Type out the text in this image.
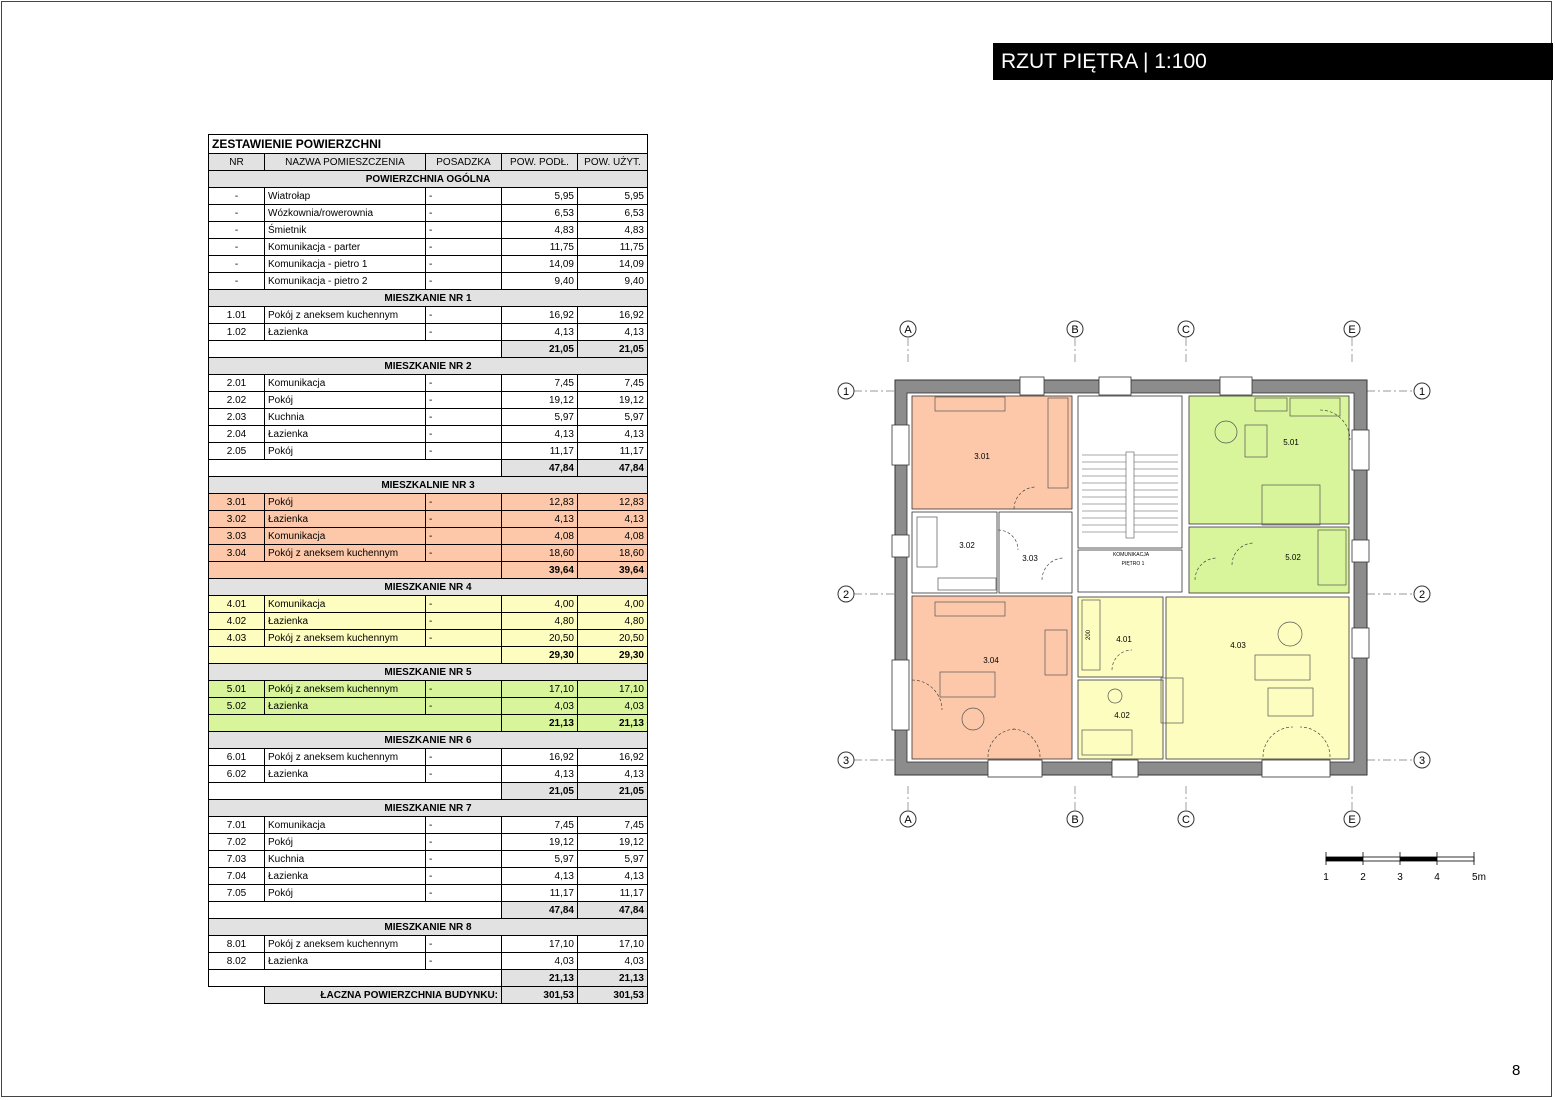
RZUT PIĘTRA | 1:100
8
ZESTAWIENIE POWIERZCHNI				
NR	NAZWA POMIESZCZENIA	POSADZKA	POW. PODŁ.	POW. UŻYT.
POWIERZCHNIA OGÓLNA				
-	Wiatrołap	-	5,95	5,95
-	Wózkownia/rowerownia	-	6,53	6,53
-	Śmietnik	-	4,83	4,83
-	Komunikacja - parter	-	11,75	11,75
-	Komunikacja - pietro 1	-	14,09	14,09
-	Komunikacja - pietro 2	-	9,40	9,40
MIESZKANIE NR 1				
1.01	Pokój z aneksem kuchennym	-	16,92	16,92
1.02	Łazienka	-	4,13	4,13
			21,05	21,05
MIESZKANIE NR 2				
2.01	Komunikacja	-	7,45	7,45
2.02	Pokój	-	19,12	19,12
2.03	Kuchnia	-	5,97	5,97
2.04	Łazienka	-	4,13	4,13
2.05	Pokój	-	11,17	11,17
			47,84	47,84
MIESZKALNIE NR 3				
3.01	Pokój	-	12,83	12,83
3.02	Łazienka	-	4,13	4,13
3.03	Komunikacja	-	4,08	4,08
3.04	Pokój z aneksem kuchennym	-	18,60	18,60
			39,64	39,64
MIESZKANIE NR 4				
4.01	Komunikacja	-	4,00	4,00
4.02	Łazienka	-	4,80	4,80
4.03	Pokój z aneksem kuchennym	-	20,50	20,50
			29,30	29,30
MIESZKANIE NR 5				
5.01	Pokój z aneksem kuchennym	-	17,10	17,10
5.02	Łazienka	-	4,03	4,03
			21,13	21,13
MIESZKANIE NR 6				
6.01	Pokój z aneksem kuchennym	-	16,92	16,92
6.02	Łazienka	-	4,13	4,13
			21,05	21,05
MIESZKANIE NR 7				
7.01	Komunikacja	-	7,45	7,45
7.02	Pokój	-	19,12	19,12
7.03	Kuchnia	-	5,97	5,97
7.04	Łazienka	-	4,13	4,13
7.05	Pokój	-	11,17	11,17
			47,84	47,84
MIESZKANIE NR 8				
8.01	Pokój z aneksem kuchennym	-	17,10	17,10
8.02	Łazienka	-	4,03	4,03
			21,13	21,13
	ŁACZNA POWIERZCHNIA BUDYNKU:		301,53	301,53
A	B	C	E
A	B	C	E
1
2
3
1
2
3
3.01
3.02
3.03
3.04
4.01
4.02
4.03
5.01
5.02
KOMUNIKACJA
PIĘTRO 1
200
1	2	3	4	5m
